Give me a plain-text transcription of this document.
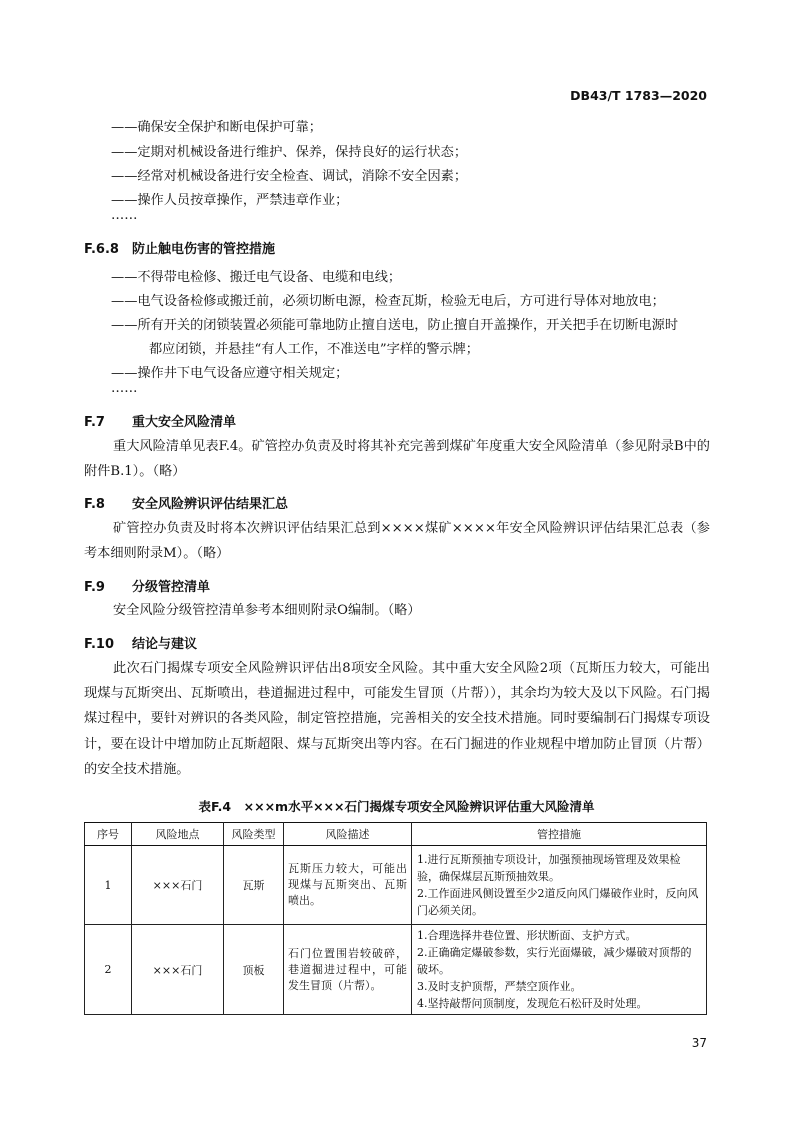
DB43/T 1783—2020
——确保安全保护和断电保护可靠；
——定期对机械设备进行维护、保养，保持良好的运行状态；
——经常对机械设备进行安全检查、调试，消除不安全因素；
——操作人员按章操作，严禁违章作业；
……
F.6.8 防止触电伤害的管控措施
——不得带电检修、搬迁电气设备、电缆和电线；
——电气设备检修或搬迁前，必须切断电源，检查瓦斯，检验无电后，方可进行导体对地放电；
——所有开关的闭锁装置必须能可靠地防止擅自送电，防止擅自开盖操作，开关把手在切断电源时
都应闭锁，并悬挂“有人工作，不准送电”字样的警示牌；
——操作井下电气设备应遵守相关规定；
……
F.7 重大安全风险清单
重大风险清单见表F.4。矿管控办负责及时将其补充完善到煤矿年度重大安全风险清单（参见附录B中的附件B.1）。（略）
F.8 安全风险辨识评估结果汇总
矿管控办负责及时将本次辨识评估结果汇总到××××煤矿××××年安全风险辨识评估结果汇总表（参考本细则附录M）。（略）
F.9 分级管控清单
安全风险分级管控清单参考本细则附录O编制。（略）
F.10 结论与建议
此次石门揭煤专项安全风险辨识评估出8项安全风险。其中重大安全风险2项（瓦斯压力较大，可能出现煤与瓦斯突出、瓦斯喷出，巷道掘进过程中，可能发生冒顶（片帮）），其余均为较大及以下风险。石门揭煤过程中，要针对辨识的各类风险，制定管控措施，完善相关的安全技术措施。同时要编制石门揭煤专项设计，要在设计中增加防止瓦斯超限、煤与瓦斯突出等内容。在石门掘进的作业规程中增加防止冒顶（片帮）的安全技术措施。
表F.4　×××m水平×××石门揭煤专项安全风险辨识评估重大风险清单
序号	风险地点	风险类型	风险描述	管控措施
1	×××石门	瓦斯	瓦斯压力较大，可能出现煤与瓦斯突出、瓦斯喷出。	1.进行瓦斯预抽专项设计，加强预抽现场管理及效果检验，确保煤层瓦斯预抽效果。
2.工作面进风侧设置至少2道反向风门爆破作业时，反向风门必须关闭。

2	×××石门	顶板	石门位置围岩较破碎，巷道掘进过程中，可能发生冒顶（片帮）。	1.合理选择井巷位置、形状断面、支护方式。
2.正确确定爆破参数，实行光面爆破，减少爆破对顶帮的破坏。
3.及时支护顶帮，严禁空顶作业。
4.坚持敲帮问顶制度，发现危石松矸及时处理。
37
